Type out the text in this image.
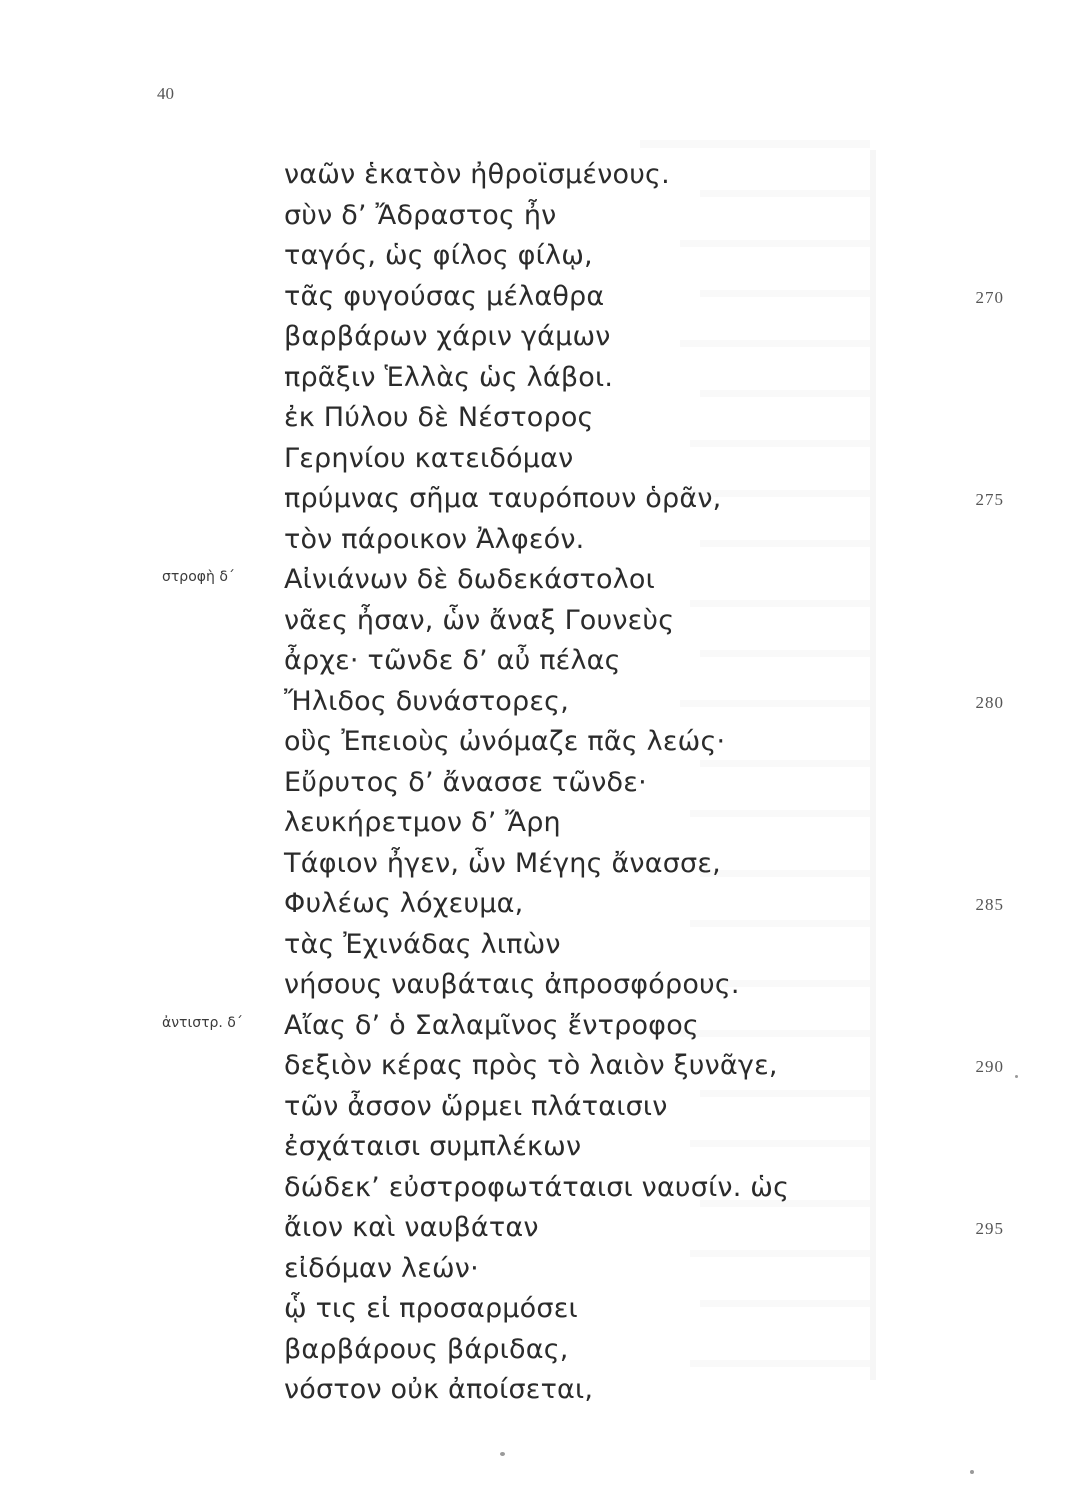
40
ναῶν ἑκατὸν ἠθροϊσμένους.
σὺν δ’ Ἄδραστος ἦν
ταγός, ὡς φίλος φίλῳ,
τᾶς φυγούσας μέλαθρα	270
βαρβάρων χάριν γάμων
πρᾶξιν Ἑλλὰς ὡς λάβοι.
ἐκ Πύλου δὲ Νέστορος
Γερηνίου κατειδόμαν
πρύμνας σῆμα ταυρόπουν ὁρᾶν,	275
τὸν πάροικον Ἀλφεόν.
Αἰνιάνων δὲ δωδεκάστολοι
στροφὴ δ΄
νᾶες ἦσαν, ὧν ἄναξ Γουνεὺς
ἆρχε· τῶνδε δ’ αὖ πέλας
Ἤλιδος δυνάστορες,	280
οὓς Ἐπειοὺς ὠνόμαζε πᾶς λεώς·
Εὔρυτος δ’ ἄνασσε τῶνδε·
λευκήρετμον δ’ Ἄρη
Τάφιον ἦγεν, ὧν Μέγης ἄνασσε,
Φυλέως λόχευμα,	285
τὰς Ἐχινάδας λιπὼν
νήσους ναυβάταις ἀπροσφόρους.
Αἴας δ’ ὁ Σαλαμῖνος ἔντροφος
ἀντιστρ. δ΄
δεξιὸν κέρας πρὸς τὸ λαιὸν ξυνᾶγε,	290
τῶν ἆσσον ὥρμει πλάταισιν
ἐσχάταισι συμπλέκων
δώδεκ’ εὐστροφωτάταισι ναυσίν. ὡς
ἄιον καὶ ναυβάταν	295
εἰδόμαν λεών·
ᾧ τις εἰ προσαρμόσει
βαρβάρους βάριδας,
νόστον οὐκ ἀποίσεται,
